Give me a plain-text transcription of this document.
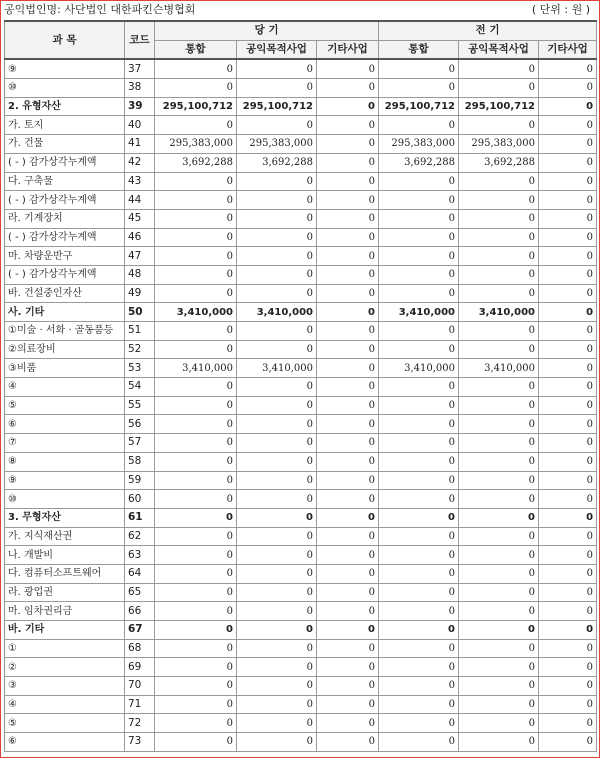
공익법인명: 사단법인 대한파킨슨병협회	( 단위 : 원 )
과 목	코드	당 기			전 기		
		통합	공익목적사업	기타사업	통합	공익목적사업	기타사업
⑨	37	0	0	0	0	0	0
⑩	38	0	0	0	0	0	0
2. 유형자산	39	295,100,712	295,100,712	0	295,100,712	295,100,712	0
가. 토지	40	0	0	0	0	0	0
가. 건물	41	295,383,000	295,383,000	0	295,383,000	295,383,000	0
( - ) 감가상각누계액	42	3,692,288	3,692,288	0	3,692,288	3,692,288	0
다. 구축물	43	0	0	0	0	0	0
( - ) 감가상각누계액	44	0	0	0	0	0	0
라. 기계장치	45	0	0	0	0	0	0
( - ) 감가상각누계액	46	0	0	0	0	0	0
마. 차량운반구	47	0	0	0	0	0	0
( - ) 감가상각누계액	48	0	0	0	0	0	0
바. 건설중인자산	49	0	0	0	0	0	0
사. 기타	50	3,410,000	3,410,000	0	3,410,000	3,410,000	0
①미술 · 서화 · 골동품등	51	0	0	0	0	0	0
②의료장비	52	0	0	0	0	0	0
③비품	53	3,410,000	3,410,000	0	3,410,000	3,410,000	0
④	54	0	0	0	0	0	0
⑤	55	0	0	0	0	0	0
⑥	56	0	0	0	0	0	0
⑦	57	0	0	0	0	0	0
⑧	58	0	0	0	0	0	0
⑨	59	0	0	0	0	0	0
⑩	60	0	0	0	0	0	0
3. 무형자산	61	0	0	0	0	0	0
가. 지식재산권	62	0	0	0	0	0	0
나. 개발비	63	0	0	0	0	0	0
다. 컴퓨터소프트웨어	64	0	0	0	0	0	0
라. 광업권	65	0	0	0	0	0	0
마. 임차권리금	66	0	0	0	0	0	0
바. 기타	67	0	0	0	0	0	0
①	68	0	0	0	0	0	0
②	69	0	0	0	0	0	0
③	70	0	0	0	0	0	0
④	71	0	0	0	0	0	0
⑤	72	0	0	0	0	0	0
⑥	73	0	0	0	0	0	0
